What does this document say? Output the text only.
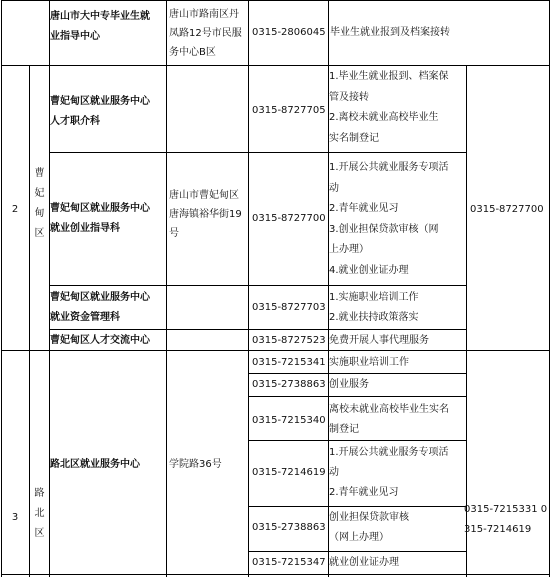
唐山市大中专毕业生就
业指导中心
唐山市路南区丹
凤路12号市民服
务中心B区
0315-2806045 毕业生就业报到及档案接转
2
曹
妃
甸
区
曹妃甸区就业服务中心
人才职介科
0315-8727705
1.毕业生就业报到、档案保
管及接转
2.离校未就业高校毕业生
实名制登记
曹妃甸区就业服务中心
就业创业指导科
唐山市曹妃甸区
唐海镇裕华街19
号
0315-8727700
1.开展公共就业服务专项活
动
2.青年就业见习
3.创业担保贷款审核（网
上办理）
4.就业创业证办理
0315-8727700
曹妃甸区就业服务中心
就业资金管理科
0315-8727703
1.实施职业培训工作
2.就业扶持政策落实
曹妃甸区人才交流中心	0315-8727523 免费开展人事代理服务
3
路
北
区
路北区就业服务中心	学院路36号
0315-7215341 实施职业培训工作
0315-2738863 创业服务
0315-7215340
离校未就业高校毕业生实名
制登记
0315-7214619
1.开展公共就业服务专项活
动
2.青年就业见习
0315-2738863
创业担保贷款审核
（网上办理）
0315-7215331 0
315-7214619
0315-7215347 就业创业证办理
